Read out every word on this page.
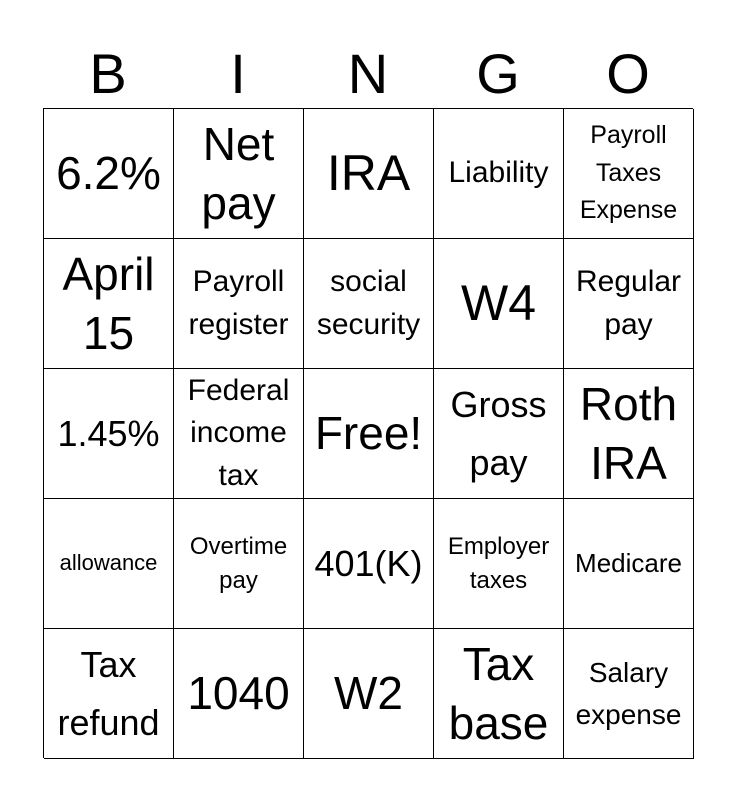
B	I	N	G	O
6.2%
Net
pay
IRA	Liability
Payroll
Taxes
Expense
April
15
Payroll
register
social
security W4	Regular
pay
1.45%
Federal
income
tax
Free!
Gross
pay
Roth
IRA
allowance
Overtime
pay	401(K)	Employer
taxes
Medicare
Tax
refund
1040 W2
Tax
base
Salary
expense
